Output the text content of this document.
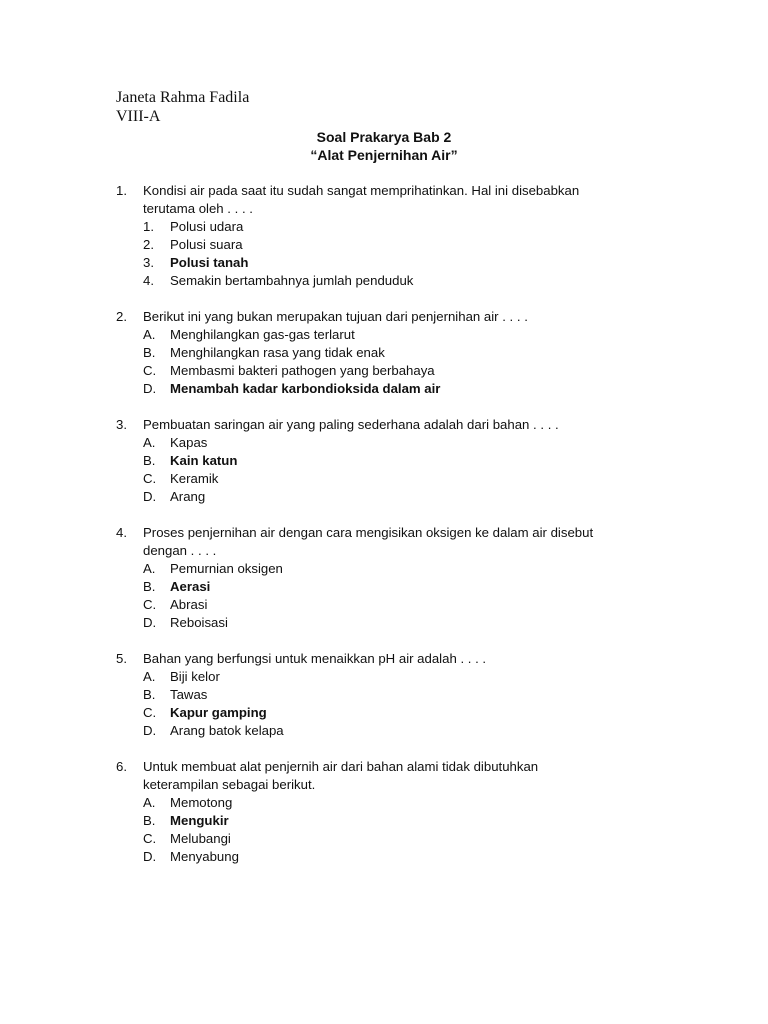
Janeta Rahma Fadila
VIII-A
Soal Prakarya Bab 2
“Alat Penjernihan Air”
1.	Kondisi air pada saat itu sudah sangat memprihatinkan. Hal ini disebabkan
terutama oleh . . . .
1. Polusi udara
2. Polusi suara
3. Polusi tanah
4. Semakin bertambahnya jumlah penduduk
2.	Berikut ini yang bukan merupakan tujuan dari penjernihan air . . . .
A. Menghilangkan gas-gas terlarut
B. Menghilangkan rasa yang tidak enak
C. Membasmi bakteri pathogen yang berbahaya
D. Menambah kadar karbondioksida dalam air
3.	Pembuatan saringan air yang paling sederhana adalah dari bahan . . . .
A. Kapas
B. Kain katun
C. Keramik
D. Arang
4.	Proses penjernihan air dengan cara mengisikan oksigen ke dalam air disebut
dengan . . . .
A. Pemurnian oksigen
B. Aerasi
C. Abrasi
D. Reboisasi
5.	Bahan yang berfungsi untuk menaikkan pH air adalah . . . .
A. Biji kelor
B. Tawas
C. Kapur gamping
D. Arang batok kelapa
6.	Untuk membuat alat penjernih air dari bahan alami tidak dibutuhkan
keterampilan sebagai berikut.
A. Memotong
B. Mengukir
C. Melubangi
D. Menyabung
